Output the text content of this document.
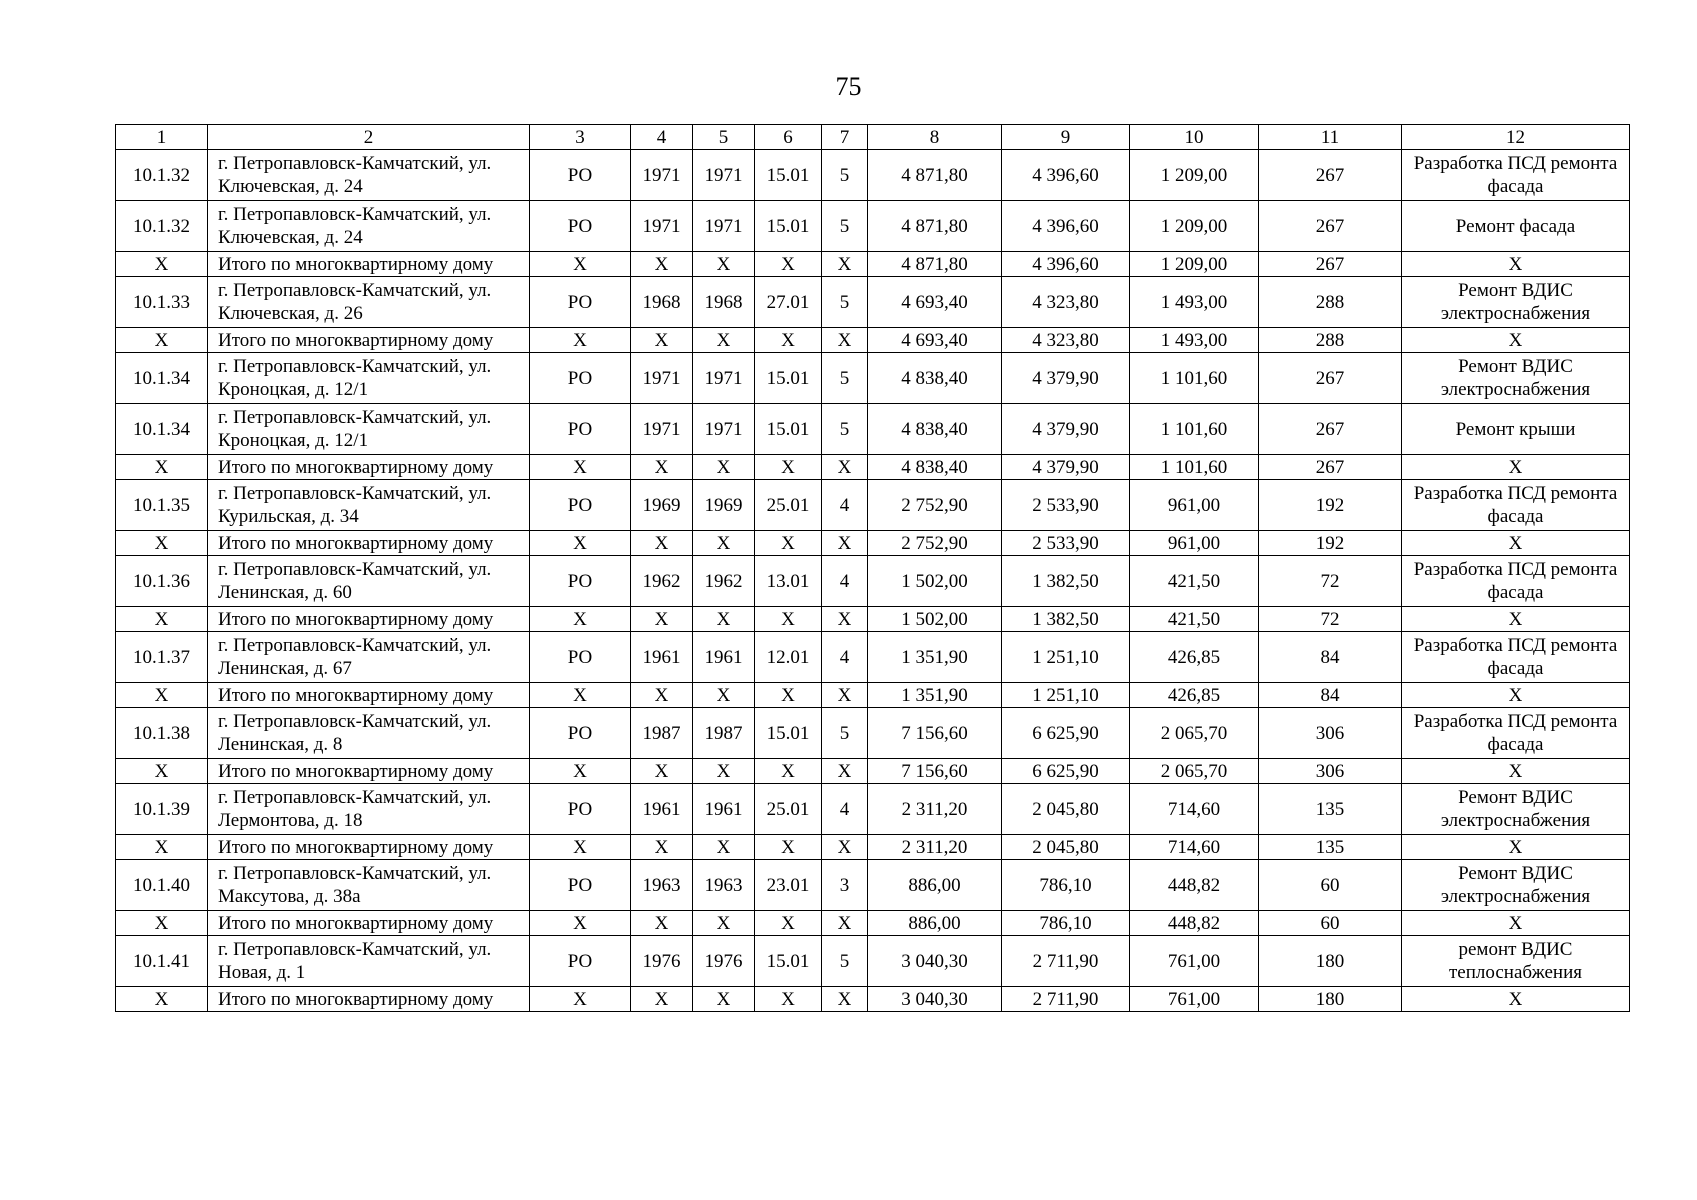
75
1	2	3	4	5	6	7	8	9	10	11	12
10.1.32	г. Петропавловск-Камчатский, ул. Ключевская, д. 24	РО	1971	1971	15.01	5	4 871,80	4 396,60	1 209,00	267	Разработка ПСД ремонта фасада
10.1.32	г. Петропавловск-Камчатский, ул. Ключевская, д. 24	РО	1971	1971	15.01	5	4 871,80	4 396,60	1 209,00	267	Ремонт фасада
Х	Итого по многоквартирному дому	Х	Х	Х	Х	Х	4 871,80	4 396,60	1 209,00	267	Х
10.1.33	г. Петропавловск-Камчатский, ул. Ключевская, д. 26	РО	1968	1968	27.01	5	4 693,40	4 323,80	1 493,00	288	Ремонт ВДИС электроснабжения
Х	Итого по многоквартирному дому	Х	Х	Х	Х	Х	4 693,40	4 323,80	1 493,00	288	Х
10.1.34	г. Петропавловск-Камчатский, ул. Кроноцкая, д. 12/1	РО	1971	1971	15.01	5	4 838,40	4 379,90	1 101,60	267	Ремонт ВДИС электроснабжения
10.1.34	г. Петропавловск-Камчатский, ул. Кроноцкая, д. 12/1	РО	1971	1971	15.01	5	4 838,40	4 379,90	1 101,60	267	Ремонт крыши
Х	Итого по многоквартирному дому	Х	Х	Х	Х	Х	4 838,40	4 379,90	1 101,60	267	Х
10.1.35	г. Петропавловск-Камчатский, ул. Курильская, д. 34	РО	1969	1969	25.01	4	2 752,90	2 533,90	961,00	192	Разработка ПСД ремонта фасада
Х	Итого по многоквартирному дому	Х	Х	Х	Х	Х	2 752,90	2 533,90	961,00	192	Х
10.1.36	г. Петропавловск-Камчатский, ул. Ленинская, д. 60	РО	1962	1962	13.01	4	1 502,00	1 382,50	421,50	72	Разработка ПСД ремонта фасада
Х	Итого по многоквартирному дому	Х	Х	Х	Х	Х	1 502,00	1 382,50	421,50	72	Х
10.1.37	г. Петропавловск-Камчатский, ул. Ленинская, д. 67	РО	1961	1961	12.01	4	1 351,90	1 251,10	426,85	84	Разработка ПСД ремонта фасада
Х	Итого по многоквартирному дому	Х	Х	Х	Х	Х	1 351,90	1 251,10	426,85	84	Х
10.1.38	г. Петропавловск-Камчатский, ул. Ленинская, д. 8	РО	1987	1987	15.01	5	7 156,60	6 625,90	2 065,70	306	Разработка ПСД ремонта фасада
Х	Итого по многоквартирному дому	Х	Х	Х	Х	Х	7 156,60	6 625,90	2 065,70	306	Х
10.1.39	г. Петропавловск-Камчатский, ул. Лермонтова, д. 18	РО	1961	1961	25.01	4	2 311,20	2 045,80	714,60	135	Ремонт ВДИС электроснабжения
Х	Итого по многоквартирному дому	Х	Х	Х	Х	Х	2 311,20	2 045,80	714,60	135	Х
10.1.40	г. Петропавловск-Камчатский, ул. Максутова, д. 38а	РО	1963	1963	23.01	3	886,00	786,10	448,82	60	Ремонт ВДИС электроснабжения
Х	Итого по многоквартирному дому	Х	Х	Х	Х	Х	886,00	786,10	448,82	60	Х
10.1.41	г. Петропавловск-Камчатский, ул. Новая, д. 1	РО	1976	1976	15.01	5	3 040,30	2 711,90	761,00	180	ремонт ВДИС теплоснабжения
Х	Итого по многоквартирному дому	Х	Х	Х	Х	Х	3 040,30	2 711,90	761,00	180	Х
